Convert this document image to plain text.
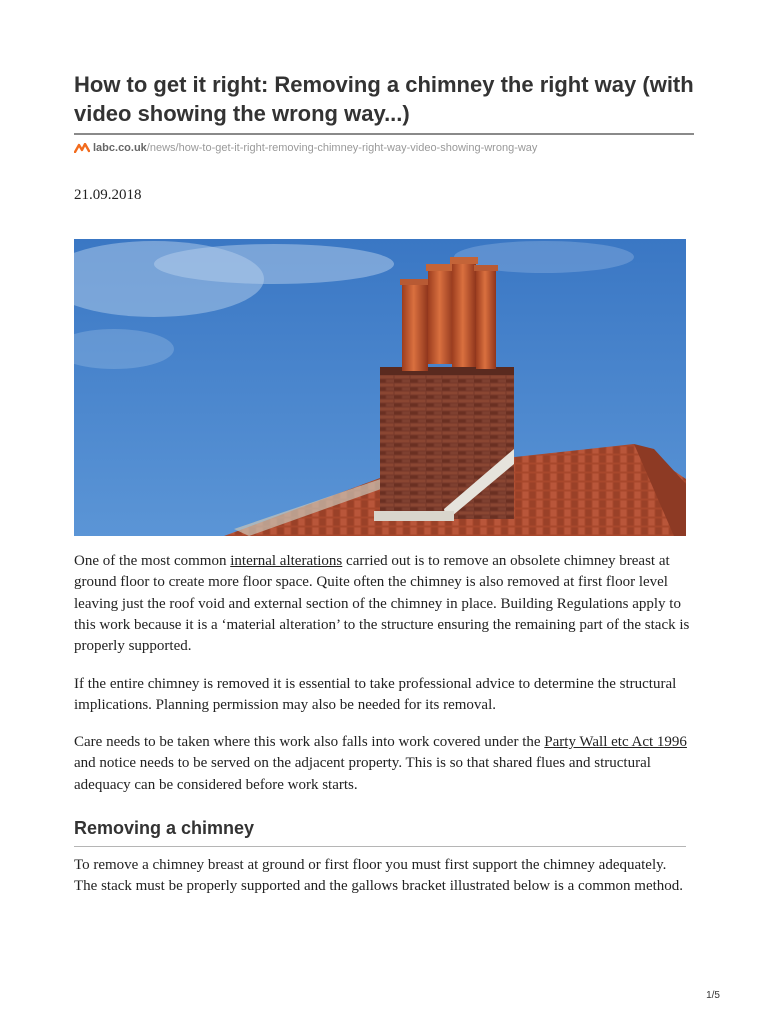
How to get it right: Removing a chimney the right way (with video showing the wrong way...)
labc.co.uk /news/how-to-get-it-right-removing-chimney-right-way-video-showing-wrong-way
21.09.2018

One of the most common internal alterations carried out is to remove an obsolete chimney breast at ground floor to create more floor space. Quite often the chimney is also removed at first floor level leaving just the roof void and external section of the chimney in place. Building Regulations apply to this work because it is a ‘material alteration’ to the structure ensuring the remaining part of the stack is properly supported.

If the entire chimney is removed it is essential to take professional advice to determine the structural implications. Planning permission may also be needed for its removal.

Care needs to be taken where this work also falls into work covered under the Party Wall etc Act 1996 and notice needs to be served on the adjacent property. This is so that shared flues and structural adequacy can be considered before work starts.

Removing a chimney

To remove a chimney breast at ground or first floor you must first support the chimney adequately. The stack must be properly supported and the gallows bracket illustrated below is a common method.

1/5
